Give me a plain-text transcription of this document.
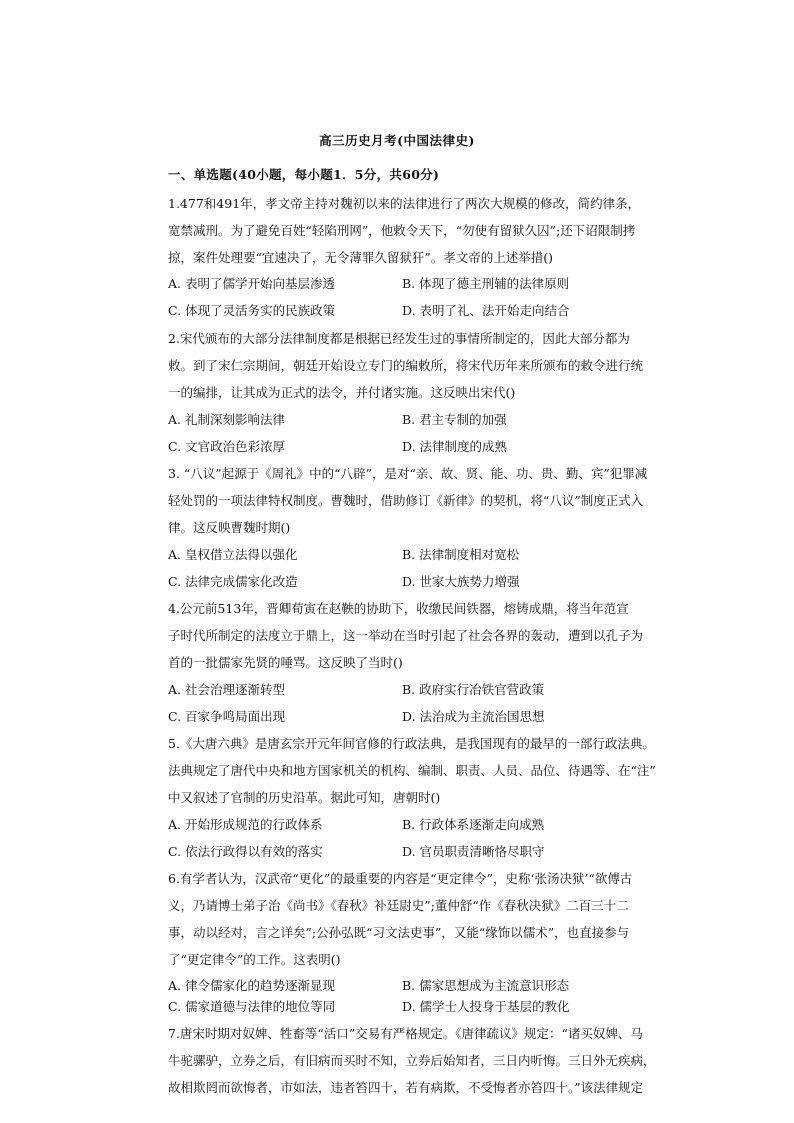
高三历史月考(中国法律史)
一、单选题(40小题，每小题1．5分，共60分)

1.477和491年，孝文帝主持对魏初以来的法律进行了两次大规模的修改，简约律条，

宽禁减刑。为了避免百姓“轻陷刑网”，他敕令天下，“勿使有留狱久囚”;还下诏限制拷

掠，案件处理要“宜速决了，无令薄罪久留狱犴”。孝文帝的上述举措()

A. 表明了儒学开始向基层渗透	B. 体现了德主刑辅的法律原则
C. 体现了灵活务实的民族政策	D. 表明了礼、法开始走向结合

2.宋代颁布的大部分法律制度都是根据已经发生过的事情所制定的，因此大部分都为

敕。到了宋仁宗期间，朝廷开始设立专门的编敕所，将宋代历年来所颁布的敕令进行统

一的编排，让其成为正式的法令，并付诸实施。这反映出宋代()

A. 礼制深刻影响法律	B. 君主专制的加强
C. 文官政治色彩浓厚	D. 法律制度的成熟

3. “八议”起源于《周礼》中的“八辟”，是对“亲、故、贤、能、功、贵、勤、宾”犯罪减

轻处罚的一项法律特权制度。曹魏时，借助修订《新律》的契机，将“八议”制度正式入

律。这反映曹魏时期()

A. 皇权借立法得以强化	B. 法律制度相对宽松
C. 法律完成儒家化改造	D. 世家大族势力增强

4.公元前513年，晋卿荀寅在赵鞅的协助下，收缴民间铁器，熔铸成鼎，将当年范宣

子时代所制定的法度立于鼎上，这一举动在当时引起了社会各界的轰动，遭到以孔子为

首的一批儒家先贤的唾骂。这反映了当时()

A. 社会治理逐渐转型	B. 政府实行冶铁官营政策
C. 百家争鸣局面出现	D. 法治成为主流治国思想

5.《大唐六典》是唐玄宗开元年间官修的行政法典，是我国现有的最早的一部行政法典。

法典规定了唐代中央和地方国家机关的机构、编制、职责、人员、品位、待遇等、在“注”

中又叙述了官制的历史沿革。据此可知，唐朝时()

A. 开始形成规范的行政体系	B. 行政体系逐渐走向成熟
C. 依法行政得以有效的落实	D. 官员职责清晰恪尽职守

6.有学者认为，汉武帝“更化”的最重要的内容是“更定律令”，史称‘张汤决狱’“欲傅古

义，乃请博士弟子治《尚书》《春秋》补廷尉史”;董仲舒“作《春秋决狱》二百三十二

事，动以经对，言之详矣”;公孙弘既“习文法吏事”，又能“缘饰以儒术”，也直接参与

了“更定律令”的工作。这表明()

A. 律令儒家化的趋势逐渐显现	B. 儒家思想成为主流意识形态
C. 儒家道德与法律的地位等同	D. 儒学士人投身于基层的教化

7.唐宋时期对奴婢、牲畜等“活口”交易有严格规定。《唐律疏议》规定：“诸买奴婢、马

牛驼骡驴，立券之后，有旧病而买时不知，立券后始知者，三日内听悔。三日外无疾病，

故相欺罔而欲悔者，市如法，违者笞四十，若有病欺，不受悔者亦笞四十。”该法律规定
